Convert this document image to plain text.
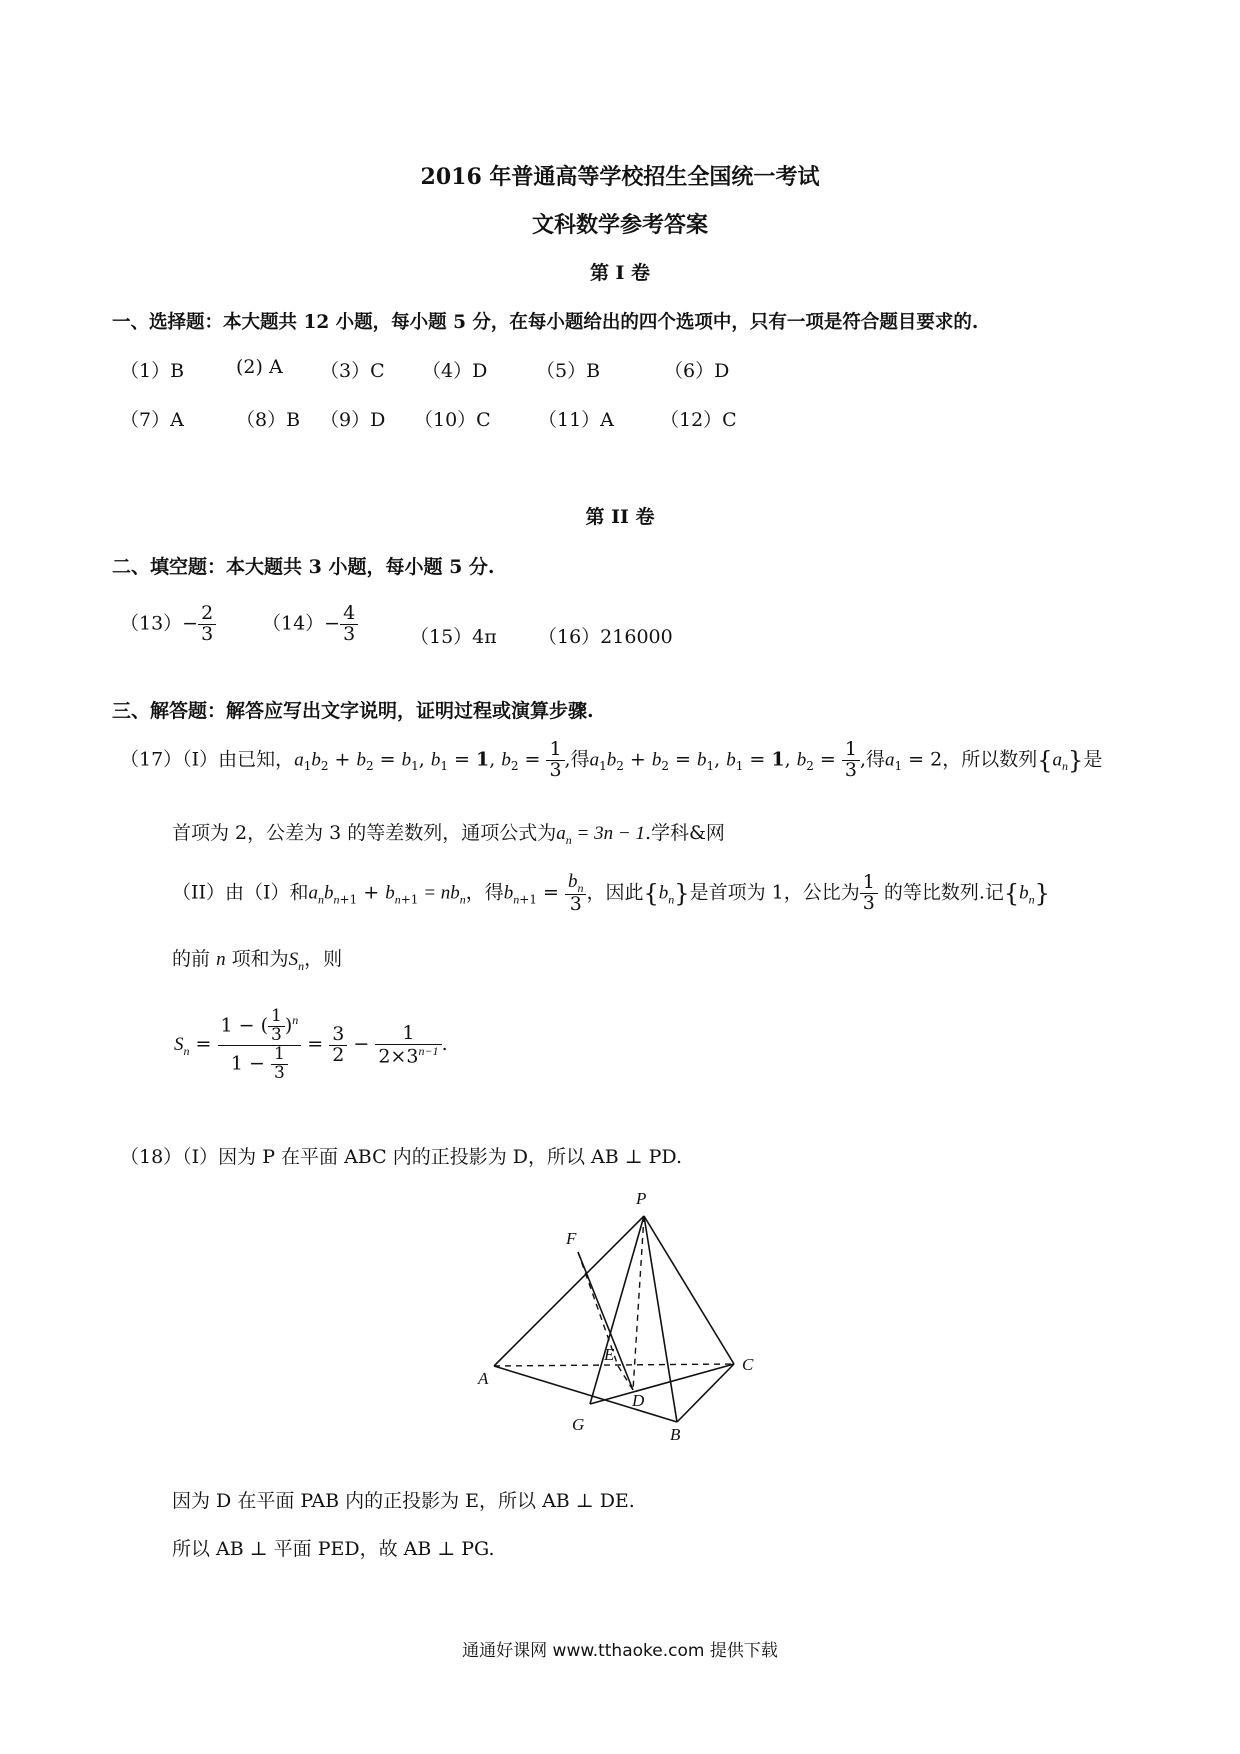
2016 年普通高等学校招生全国统一考试
文科数学参考答案
第 I 卷
一、选择题：本大题共 12 小题，每小题 5 分，在每小题给出的四个选项中，只有一项是符合题目要求的.
（1）B	(2) A （3）C （4）D	（5）B	（6）D
（7）A	（8）B （9）D （10）C （11）A （12）C
第 II 卷
二、填空题：本大题共 3 小题，每小题 5 分.
$(13)- \frac{2}{3} (14)- \frac{4}{3}$	（15）4π （16）216000
三、解答题：解答应写出文字说明，证明过程或演算步骤.
（17）（I）由已知，$a_1b_2 + b_2 = b_1$, $b_1 = 1$, $b_2 = \frac{1}{3}$ ,得$a_1b_2 + b_2 = b_1$, $b_1 = 1$, $b_2 = \frac{1}{3}$ ,得$a_1 = 2$，所以数列$\{a_n\}$是
首项为 2，公差为 3 的等差数列，通项公式为$a_n = 3n - 1$.学科&网
（II）由（I）和$a_nb_{n+1} + b_{n+1} = nb_n$，得$b_{n+1} = \frac{b_n}{3}$ ，因此$\{b_n\}$是首项为 1，公比为 $\frac{1}{3}$ 的等比数列.记$\{b_n\}$
的前 n 项和为$S_n$，则
$S_n = \frac{1 - ( \frac{1}{3} )^n}{1 - \frac{1}{3}} = \frac{3}{2} - \frac{1}{2\times 3^{n-1}}$ .
（18）（I）因为 P 在平面 ABC 内的正投影为 D，所以 AB ⊥ PD.
P
F
E
C
A
D
G
B
因为 D 在平面 PAB 内的正投影为 E，所以 AB ⊥ DE.
所以 AB ⊥ 平面 PED，故 AB ⊥ PG.
通通好课网 www.tthaoke.com 提供下载
